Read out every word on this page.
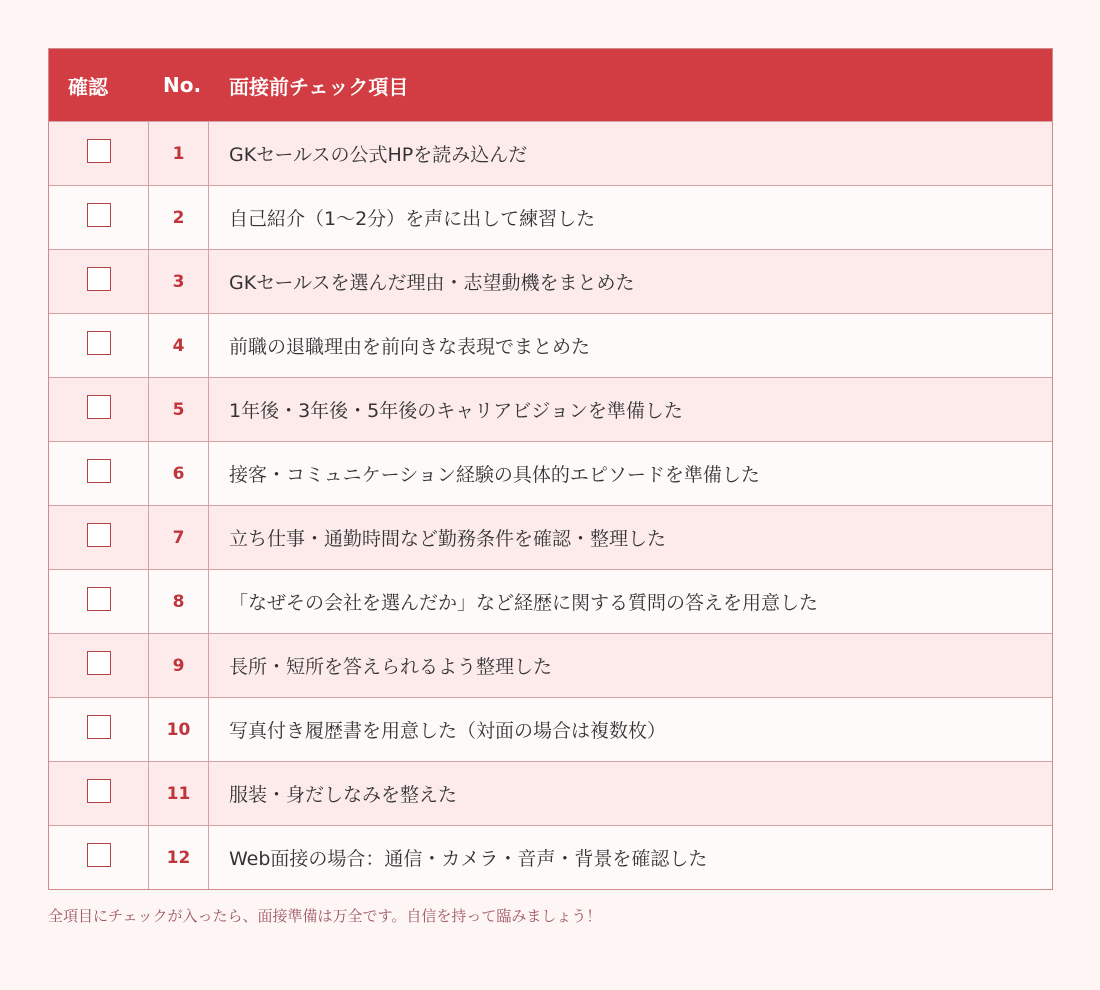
確認	No.	面接前チェック項目
1	GKセールスの公式HPを読み込んだ
2	自己紹介（1〜2分）を声に出して練習した
3	GKセールスを選んだ理由・志望動機をまとめた
4	前職の退職理由を前向きな表現でまとめた
5	1年後・3年後・5年後のキャリアビジョンを準備した
6	接客・コミュニケーション経験の具体的エピソードを準備した
7	立ち仕事・通勤時間など勤務条件を確認・整理した
8	「なぜその会社を選んだか」など経歴に関する質問の答えを用意した
9	長所・短所を答えられるよう整理した
10	写真付き履歴書を用意した（対面の場合は複数枚）
11	服装・身だしなみを整えた
12	Web面接の場合：通信・カメラ・音声・背景を確認した
全項目にチェックが入ったら、面接準備は万全です。自信を持って臨みましょう！
